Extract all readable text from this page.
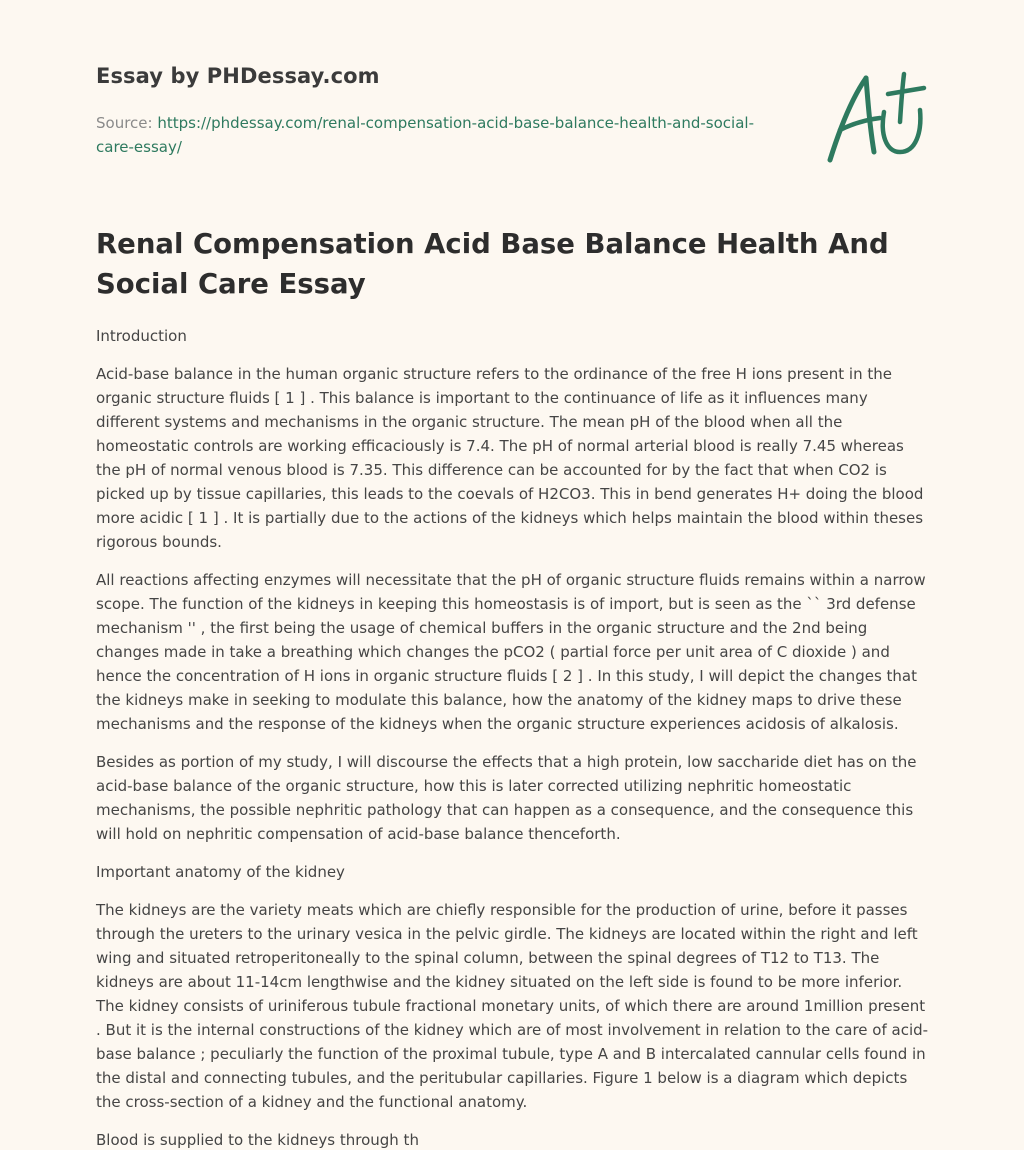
Essay by PHDessay.com
Source: https://phdessay.com/renal-compensation-acid-base-balance-health-and-social-care-essay/
Renal Compensation Acid Base Balance Health And Social Care Essay

Introduction

Acid-base balance in the human organic structure refers to the ordinance of the free H ions present in the organic structure fluids [ 1 ] . This balance is important to the continuance of life as it influences many different systems and mechanisms in the organic structure. The mean pH of the blood when all the homeostatic controls are working efficaciously is 7.4. The pH of normal arterial blood is really 7.45 whereas the pH of normal venous blood is 7.35. This difference can be accounted for by the fact that when CO2 is picked up by tissue capillaries, this leads to the coevals of H2CO3. This in bend generates H+ doing the blood more acidic [ 1 ] . It is partially due to the actions of the kidneys which helps maintain the blood within theses rigorous bounds.

All reactions affecting enzymes will necessitate that the pH of organic structure fluids remains within a narrow scope. The function of the kidneys in keeping this homeostasis is of import, but is seen as the `` 3rd defense mechanism '' , the first being the usage of chemical buffers in the organic structure and the 2nd being changes made in take a breathing which changes the pCO2 ( partial force per unit area of C dioxide ) and hence the concentration of H ions in organic structure fluids [ 2 ] . In this study, I will depict the changes that the kidneys make in seeking to modulate this balance, how the anatomy of the kidney maps to drive these mechanisms and the response of the kidneys when the organic structure experiences acidosis of alkalosis.

Besides as portion of my study, I will discourse the effects that a high protein, low saccharide diet has on the acid-base balance of the organic structure, how this is later corrected utilizing nephritic homeostatic mechanisms, the possible nephritic pathology that can happen as a consequence, and the consequence this will hold on nephritic compensation of acid-base balance thenceforth.

Important anatomy of the kidney

The kidneys are the variety meats which are chiefly responsible for the production of urine, before it passes through the ureters to the urinary vesica in the pelvic girdle. The kidneys are located within the right and left wing and situated retroperitoneally to the spinal column, between the spinal degrees of T12 to T13. The kidneys are about 11-14cm lengthwise and the kidney situated on the left side is found to be more inferior. The kidney consists of uriniferous tubule fractional monetary units, of which there are around 1million present . But it is the internal constructions of the kidney which are of most involvement in relation to the care of acid-base balance ; peculiarly the function of the proximal tubule, type A and B intercalated cannular cells found in the distal and connecting tubules, and the peritubular capillaries. Figure 1 below is a diagram which depicts the cross-section of a kidney and the functional anatomy.

Blood is supplied to the kidneys through th
